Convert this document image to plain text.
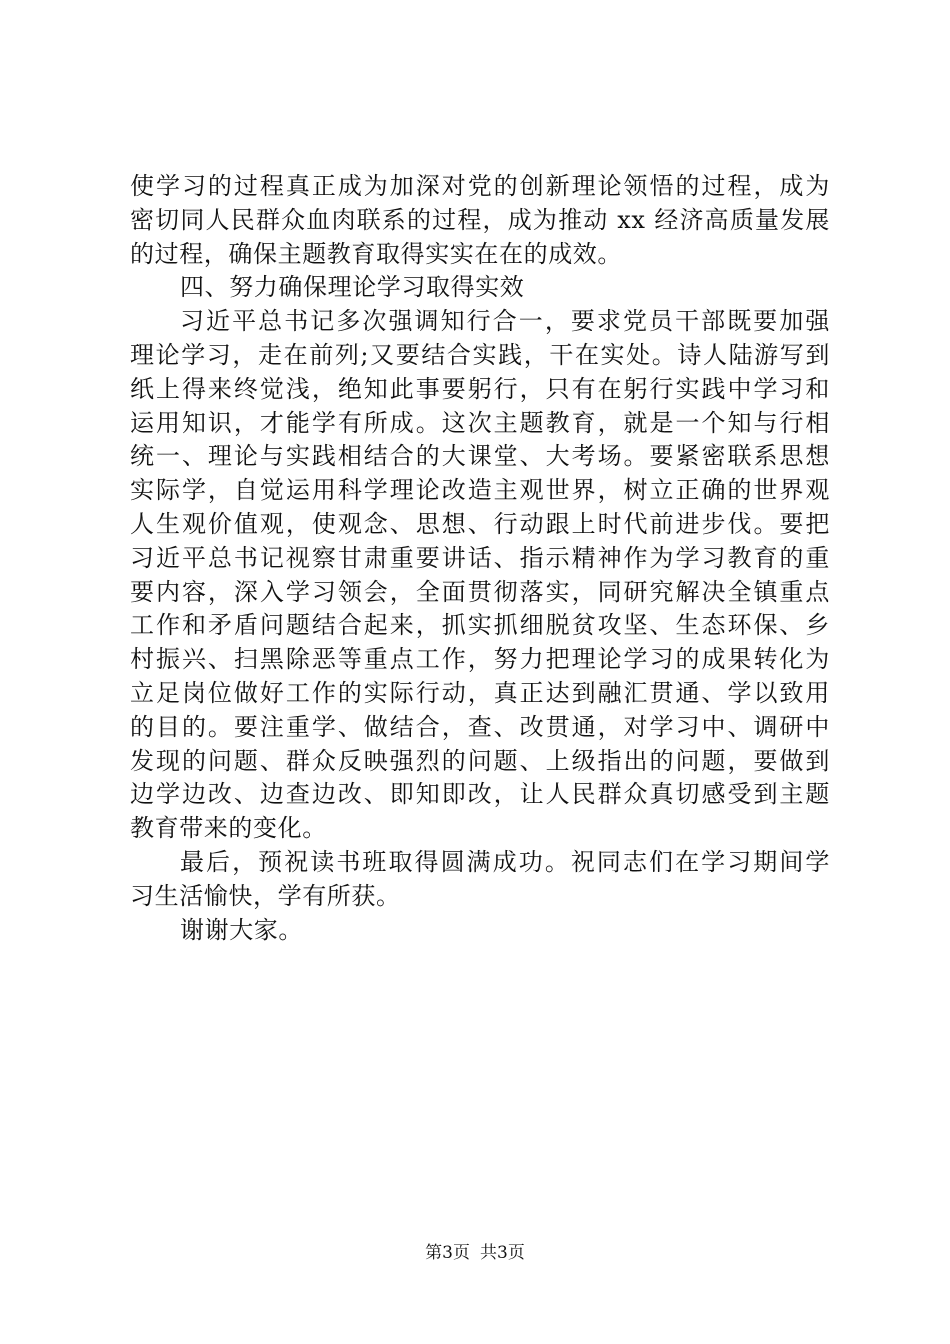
使学习的过程真正成为加深对党的创新理论领悟的过程，成为
密切同人民群众血肉联系的过程，成为推动 xx 经济高质量发展
的过程，确保主题教育取得实实在在的成效。
四、努力确保理论学习取得实效
习近平总书记多次强调知行合一，要求党员干部既要加强
理论学习，走在前列;又要结合实践，干在实处。诗人陆游写到
纸上得来终觉浅，绝知此事要躬行，只有在躬行实践中学习和
运用知识，才能学有所成。这次主题教育，就是一个知与行相
统一、理论与实践相结合的大课堂、大考场。要紧密联系思想
实际学，自觉运用科学理论改造主观世界，树立正确的世界观
人生观价值观，使观念、思想、行动跟上时代前进步伐。要把
习近平总书记视察甘肃重要讲话、指示精神作为学习教育的重
要内容，深入学习领会，全面贯彻落实，同研究解决全镇重点
工作和矛盾问题结合起来，抓实抓细脱贫攻坚、生态环保、乡
村振兴、扫黑除恶等重点工作，努力把理论学习的成果转化为
立足岗位做好工作的实际行动，真正达到融汇贯通、学以致用
的目的。要注重学、做结合，查、改贯通，对学习中、调研中
发现的问题、群众反映强烈的问题、上级指出的问题，要做到
边学边改、边查边改、即知即改，让人民群众真切感受到主题
教育带来的变化。
最后，预祝读书班取得圆满成功。祝同志们在学习期间学
习生活愉快，学有所获。
谢谢大家。
第3页 共3页
